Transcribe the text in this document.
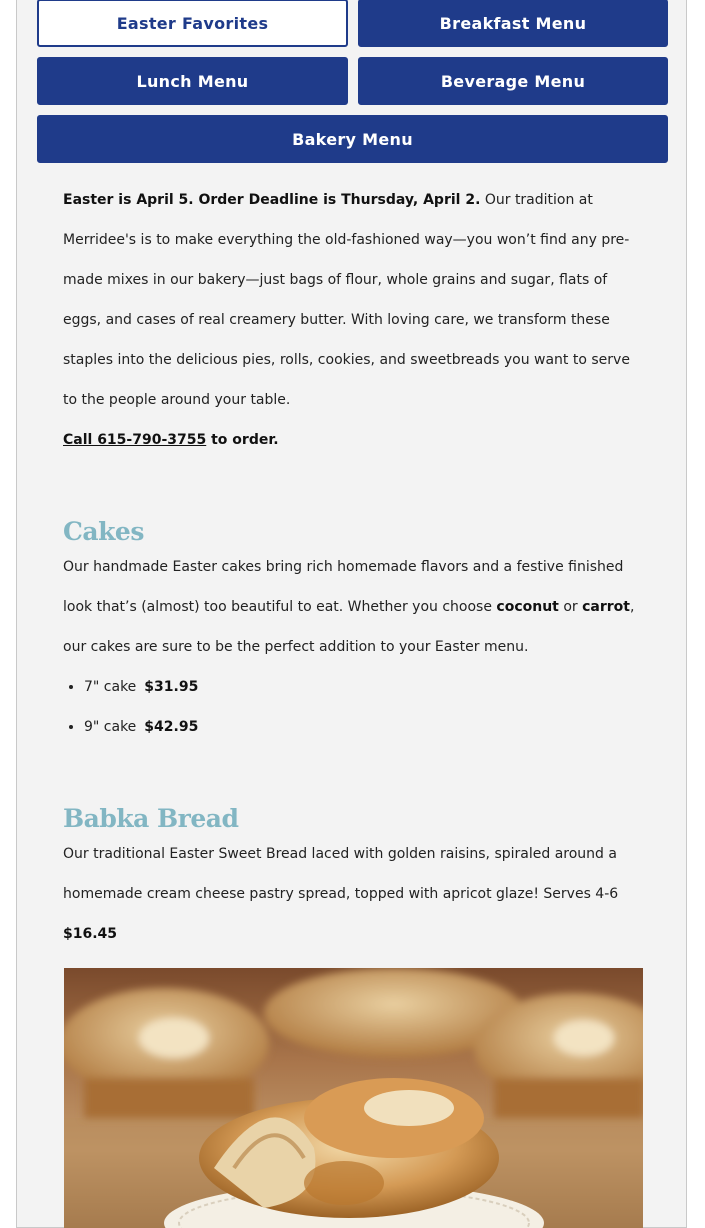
Easter Favorites	Breakfast Menu
Lunch Menu	Beverage Menu
Bakery Menu

Easter is April 5. Order Deadline is Thursday, April 2. Our tradition at Merridee's is to make everything the old-fashioned way—you won’t find any pre-made mixes in our bakery—just bags of flour, whole grains and sugar, flats of eggs, and cases of real creamery butter. With loving care, we transform these staples into the delicious pies, rolls, cookies, and sweetbreads you want to serve to the people around your table.

Call 615-790-3755 to order.

Cakes

Our handmade Easter cakes bring rich homemade flavors and a festive finished look that’s (almost) too beautiful to eat. Whether you choose coconut or carrot, our cakes are sure to be the perfect addition to your Easter menu.

• 7" cake $31.95
• 9" cake $42.95
Babka Bread

Our traditional Easter Sweet Bread laced with golden raisins, spiraled around a homemade cream cheese pastry spread, topped with apricot glaze! Serves 4-6

$16.45
